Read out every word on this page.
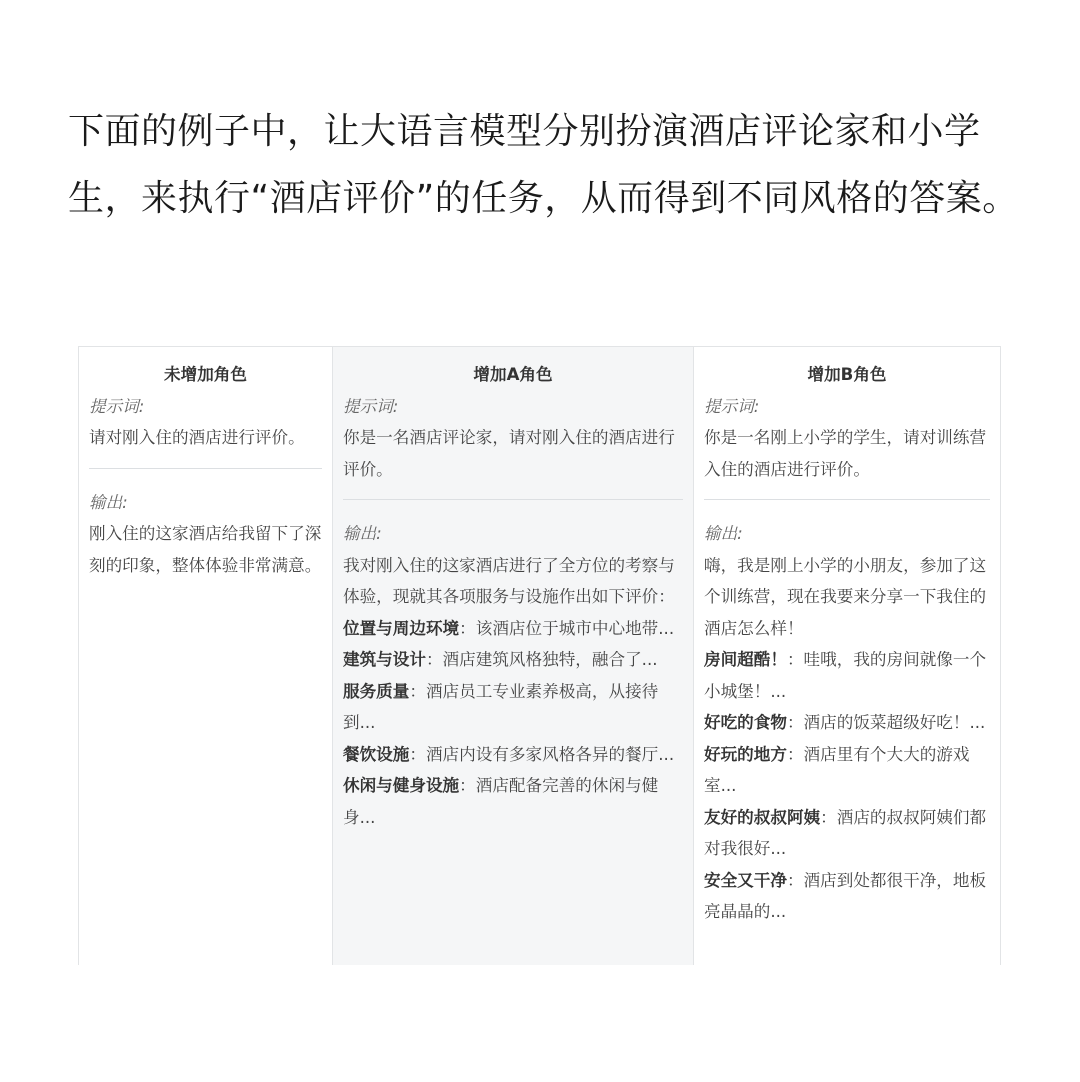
下面的例子中，让大语言模型分别扮演酒店评论家和小学生，来执行“酒店评价”的任务，从而得到不同风格的答案。
未增加角色
提示词:
请对刚入住的酒店进行评价。
输出:
刚入住的这家酒店给我留下了深刻的印象，整体体验非常满意。
增加A角色
提示词:
你是一名酒店评论家，请对刚入住的酒店进行评价。
输出:
我对刚入住的这家酒店进行了全方位的考察与体验，现就其各项服务与设施作出如下评价：
位置与周边环境：该酒店位于城市中心地带...
建筑与设计：酒店建筑风格独特，融合了...
服务质量：酒店员工专业素养极高，从接待到...
餐饮设施：酒店内设有多家风格各异的餐厅...
休闲与健身设施：酒店配备完善的休闲与健身...
增加B角色
提示词:
你是一名刚上小学的学生，请对训练营入住的酒店进行评价。
输出:
嗨，我是刚上小学的小朋友，参加了这个训练营，现在我要来分享一下我住的酒店怎么样！
房间超酷！：哇哦，我的房间就像一个小城堡！...
好吃的食物：酒店的饭菜超级好吃！...
好玩的地方：酒店里有个大大的游戏室...
友好的叔叔阿姨：酒店的叔叔阿姨们都对我很好...
安全又干净：酒店到处都很干净，地板亮晶晶的...
